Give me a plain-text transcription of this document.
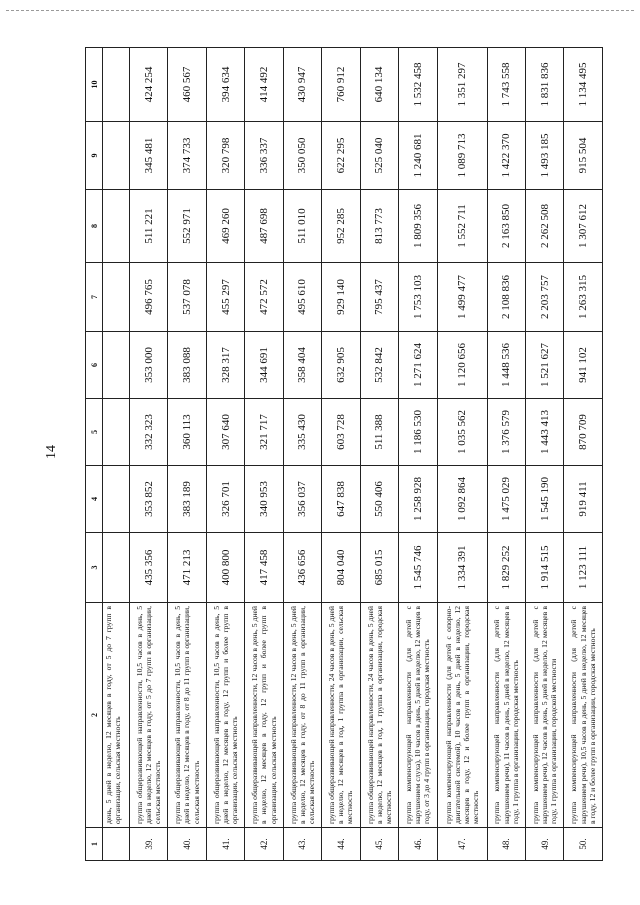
14
1	2	3	4	5	6	7	8	9	10
	день, 5 дней в неделю, 12 месяцев в году, от 5 до 7 групп в организации, сельская местность								
39.	группа общеразвивающей направленности, 10,5 часов в день, 5 дней в неделю, 12 месяцев в году, от 5 до 7 групп в организации, сельская местность	435 356	353 852	332 323	353 000	496 765	511 221	345 481	424 254
40.	группа общеразвивающей направленности, 10,5 часов в день, 5 дней в неделю, 12 месяцев в году, от 8 до 11 групп в организации, сельская местность	471 213	383 189	360 113	383 088	537 078	552 971	374 733	460 567
41.	группа общеразвивающей направленности, 10,5 часов в день, 5 дней в неделю, 12 месяцев в году, 12 групп и более групп в организации, сельская местность	400 800	326 701	307 640	328 317	455 297	469 260	320 798	394 634
42.	группа общеразвивающей направленности, 12 часов в день, 5 дней в неделю, 12 месяцев в году, 12 групп и более групп в организации, сельская местность	417 458	340 953	321 717	344 691	472 572	487 698	336 337	414 492
43.	группа общеразвивающей направленности, 12 часов в день, 5 дней в неделю, 12 месяцев в году, от 8 до 11 групп в организации, сельская местность	436 656	356 037	335 430	358 404	495 610	511 010	350 050	430 947
44.	группа общеразвивающей направленности, 24 часов в день, 5 дней в неделю, 12 месяцев в год, 1 группа в организации, сельская местность	804 040	647 838	603 728	632 905	929 140	952 285	622 295	760 912
45.	группа общеразвивающей направленности, 24 часов в день, 5 дней в неделю, 12 месяцев в год, 1 группа в организации, городская местность	685 015	550 406	511 388	532 842	795 437	813 773	525 040	640 134
46.	группа компенсирующей направленности (для детей с нарушением слуха), 10 часов в день, 5 дней в неделю, 12 месяцев в году, от 3 до 4 групп в организации, городская местность	1 545 746	1 258 928	1 186 530	1 271 624	1 753 103	1 809 356	1 240 681	1 532 458
47.	группа компенсирующей направленности (для детей с опорно-двигательной системой), 10 часов в день, 5 дней в неделю, 12 месяцев в году, 12 и более групп в организации, городская местность	1 334 391	1 092 864	1 035 562	1 120 656	1 499 477	1 552 711	1 089 713	1 351 297
48.	группа компенсирующей направленности (для детей с нарушением речи), 11 часов в день, 5 дней в неделю, 12 месяцев в году, 1 группа в организации, городская местность	1 829 252	1 475 029	1 376 579	1 448 536	2 108 836	2 163 850	1 422 370	1 743 558
49.	группа компенсирующей направленности (для детей с нарушением речи), 12 часов в день, 5 дней в неделю, 12 месяцев в году, 1 группа в организации, городской местности	1 914 515	1 545 190	1 443 413	1 521 627	2 203 757	2 262 508	1 493 185	1 831 836
50.	группа компенсирующей направленности (для детей с нарушением речи), 10,5 часов в день, 5 дней в неделю, 12 месяцев в году, 12 и более групп в организации, городская местность	1 123 111	919 411	870 709	941 102	1 263 315	1 307 612	915 504	1 134 495
